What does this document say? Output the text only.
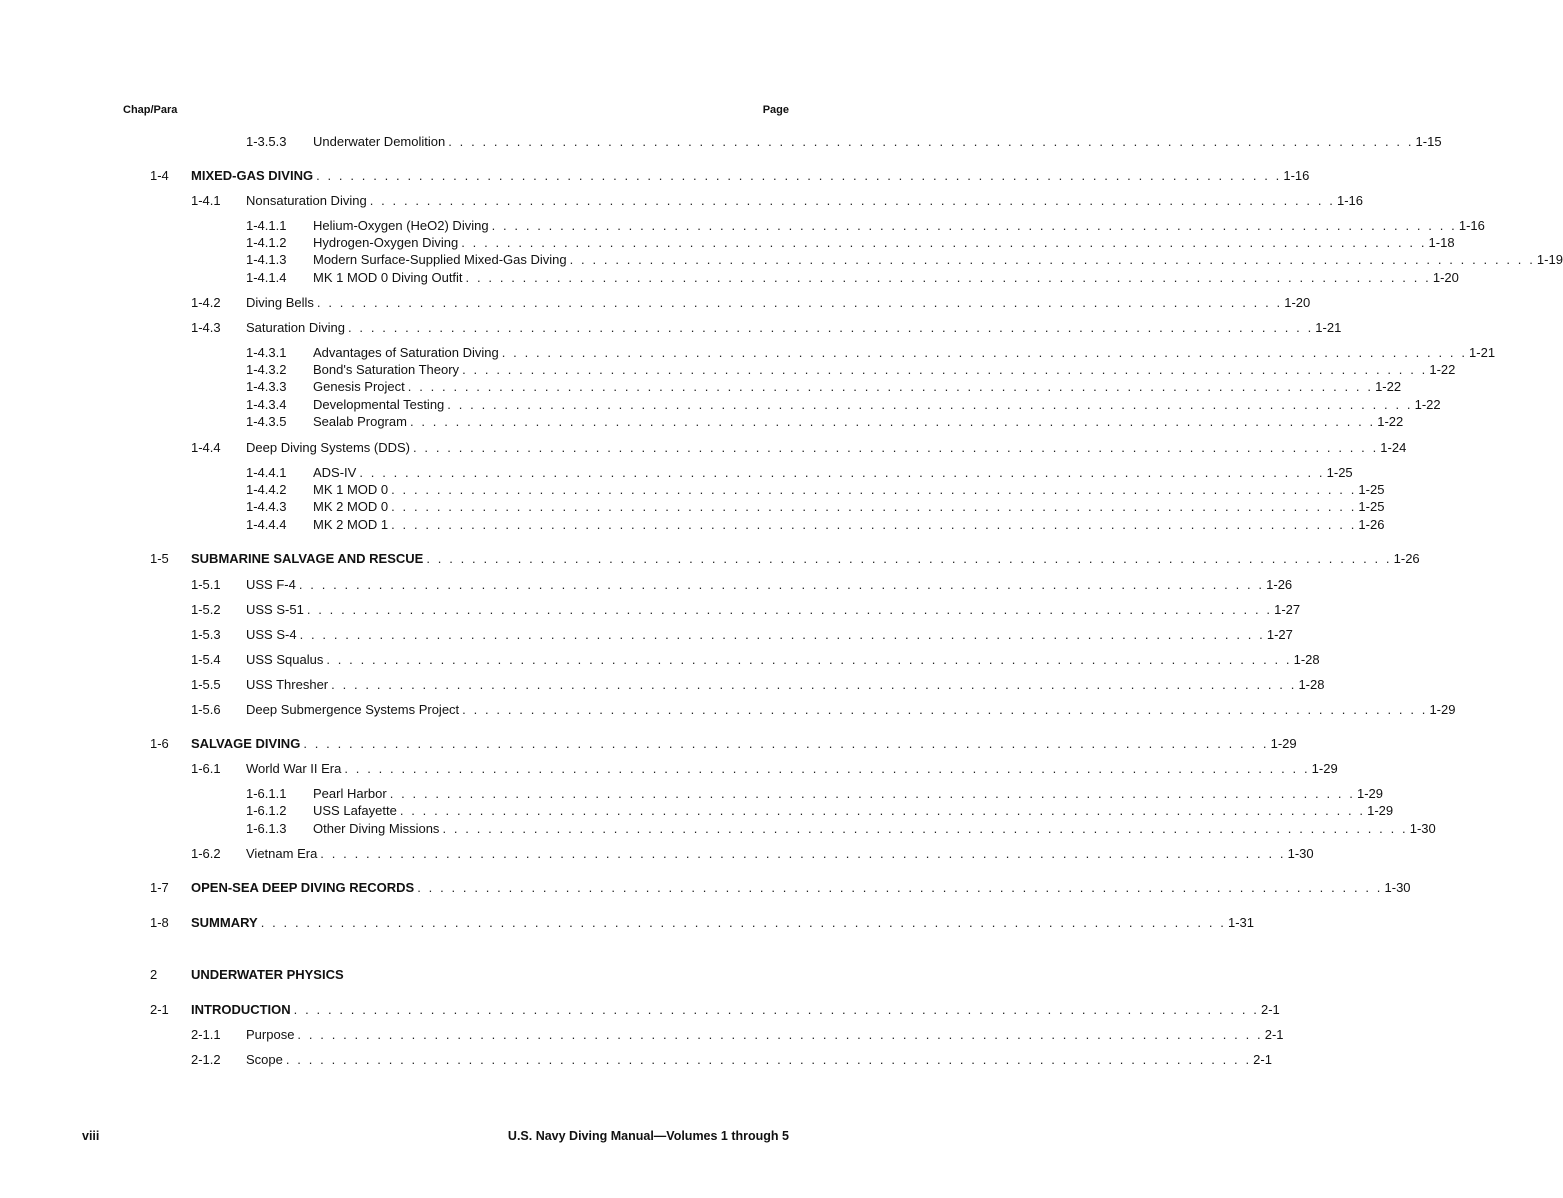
Chap/Para	Page
1-3.5.3 Underwater Demolition . . . . . . . . . . . . . . . . . . . . . . . . . . . . . . . . . . . . . . . . . . . . . . . . . . . . . . . . . . . . . . . . . . . . . . . . . . . . . . . . . . . . . 1-15
1-4 MIXED-GAS DIVING . . . . . . . . . . . . . . . . . . . . . . . . . . . . . . . . . . . . . . . . . . . . . . . . . . . . . . . . . . . . . . . . . . . . . . . . . . . . . . . . . . . . . 1-16
1-4.1 Nonsaturation Diving . . . . . . . . . . . . . . . . . . . . . . . . . . . . . . . . . . . . . . . . . . . . . . . . . . . . . . . . . . . . . . . . . . . . . . . . . . . . . . . . . . . . . 1-16
1-4.1.1 Helium-Oxygen (HeO2) Diving . . . . . . . . . . . . . . . . . . . . . . . . . . . . . . . . . . . . . . . . . . . . . . . . . . . . . . . . . . . . . . . . . . . . . . . . . . . . . . . . . . . . . 1-16
1-4.1.2 Hydrogen-Oxygen Diving . . . . . . . . . . . . . . . . . . . . . . . . . . . . . . . . . . . . . . . . . . . . . . . . . . . . . . . . . . . . . . . . . . . . . . . . . . . . . . . . . . . . . 1-18
1-4.1.3 Modern Surface-Supplied Mixed-Gas Diving . . . . . . . . . . . . . . . . . . . . . . . . . . . . . . . . . . . . . . . . . . . . . . . . . . . . . . . . . . . . . . . . . . . . . . . . . . . . . . . . . . . . . 1-19
1-4.1.4 MK 1 MOD 0 Diving Outfit . . . . . . . . . . . . . . . . . . . . . . . . . . . . . . . . . . . . . . . . . . . . . . . . . . . . . . . . . . . . . . . . . . . . . . . . . . . . . . . . . . . . . 1-20
1-4.2 Diving Bells . . . . . . . . . . . . . . . . . . . . . . . . . . . . . . . . . . . . . . . . . . . . . . . . . . . . . . . . . . . . . . . . . . . . . . . . . . . . . . . . . . . . . 1-20
1-4.3 Saturation Diving . . . . . . . . . . . . . . . . . . . . . . . . . . . . . . . . . . . . . . . . . . . . . . . . . . . . . . . . . . . . . . . . . . . . . . . . . . . . . . . . . . . . . 1-21
1-4.3.1 Advantages of Saturation Diving . . . . . . . . . . . . . . . . . . . . . . . . . . . . . . . . . . . . . . . . . . . . . . . . . . . . . . . . . . . . . . . . . . . . . . . . . . . . . . . . . . . . . 1-21
1-4.3.2 Bond's Saturation Theory . . . . . . . . . . . . . . . . . . . . . . . . . . . . . . . . . . . . . . . . . . . . . . . . . . . . . . . . . . . . . . . . . . . . . . . . . . . . . . . . . . . . . 1-22
1-4.3.3 Genesis Project . . . . . . . . . . . . . . . . . . . . . . . . . . . . . . . . . . . . . . . . . . . . . . . . . . . . . . . . . . . . . . . . . . . . . . . . . . . . . . . . . . . . . 1-22
1-4.3.4 Developmental Testing . . . . . . . . . . . . . . . . . . . . . . . . . . . . . . . . . . . . . . . . . . . . . . . . . . . . . . . . . . . . . . . . . . . . . . . . . . . . . . . . . . . . . 1-22
1-4.3.5 Sealab Program . . . . . . . . . . . . . . . . . . . . . . . . . . . . . . . . . . . . . . . . . . . . . . . . . . . . . . . . . . . . . . . . . . . . . . . . . . . . . . . . . . . . . 1-22
1-4.4 Deep Diving Systems (DDS) . . . . . . . . . . . . . . . . . . . . . . . . . . . . . . . . . . . . . . . . . . . . . . . . . . . . . . . . . . . . . . . . . . . . . . . . . . . . . . . . . . . . . 1-24
1-4.4.1 ADS-IV . . . . . . . . . . . . . . . . . . . . . . . . . . . . . . . . . . . . . . . . . . . . . . . . . . . . . . . . . . . . . . . . . . . . . . . . . . . . . . . . . . . . . 1-25
1-4.4.2 MK 1 MOD 0 . . . . . . . . . . . . . . . . . . . . . . . . . . . . . . . . . . . . . . . . . . . . . . . . . . . . . . . . . . . . . . . . . . . . . . . . . . . . . . . . . . . . . 1-25
1-4.4.3 MK 2 MOD 0 . . . . . . . . . . . . . . . . . . . . . . . . . . . . . . . . . . . . . . . . . . . . . . . . . . . . . . . . . . . . . . . . . . . . . . . . . . . . . . . . . . . . . 1-25
1-4.4.4 MK 2 MOD 1 . . . . . . . . . . . . . . . . . . . . . . . . . . . . . . . . . . . . . . . . . . . . . . . . . . . . . . . . . . . . . . . . . . . . . . . . . . . . . . . . . . . . . 1-26
1-5 SUBMARINE SALVAGE AND RESCUE . . . . . . . . . . . . . . . . . . . . . . . . . . . . . . . . . . . . . . . . . . . . . . . . . . . . . . . . . . . . . . . . . . . . . . . . . . . . . . . . . . . . . 1-26
1-5.1 USS F-4 . . . . . . . . . . . . . . . . . . . . . . . . . . . . . . . . . . . . . . . . . . . . . . . . . . . . . . . . . . . . . . . . . . . . . . . . . . . . . . . . . . . . . 1-26
1-5.2 USS S-51 . . . . . . . . . . . . . . . . . . . . . . . . . . . . . . . . . . . . . . . . . . . . . . . . . . . . . . . . . . . . . . . . . . . . . . . . . . . . . . . . . . . . . 1-27
1-5.3 USS S-4 . . . . . . . . . . . . . . . . . . . . . . . . . . . . . . . . . . . . . . . . . . . . . . . . . . . . . . . . . . . . . . . . . . . . . . . . . . . . . . . . . . . . . 1-27
1-5.4 USS Squalus . . . . . . . . . . . . . . . . . . . . . . . . . . . . . . . . . . . . . . . . . . . . . . . . . . . . . . . . . . . . . . . . . . . . . . . . . . . . . . . . . . . . . 1-28
1-5.5 USS Thresher . . . . . . . . . . . . . . . . . . . . . . . . . . . . . . . . . . . . . . . . . . . . . . . . . . . . . . . . . . . . . . . . . . . . . . . . . . . . . . . . . . . . . 1-28
1-5.6 Deep Submergence Systems Project . . . . . . . . . . . . . . . . . . . . . . . . . . . . . . . . . . . . . . . . . . . . . . . . . . . . . . . . . . . . . . . . . . . . . . . . . . . . . . . . . . . . . 1-29
1-6 SALVAGE DIVING . . . . . . . . . . . . . . . . . . . . . . . . . . . . . . . . . . . . . . . . . . . . . . . . . . . . . . . . . . . . . . . . . . . . . . . . . . . . . . . . . . . . . 1-29
1-6.1 World War II Era . . . . . . . . . . . . . . . . . . . . . . . . . . . . . . . . . . . . . . . . . . . . . . . . . . . . . . . . . . . . . . . . . . . . . . . . . . . . . . . . . . . . . 1-29
1-6.1.1 Pearl Harbor . . . . . . . . . . . . . . . . . . . . . . . . . . . . . . . . . . . . . . . . . . . . . . . . . . . . . . . . . . . . . . . . . . . . . . . . . . . . . . . . . . . . . 1-29
1-6.1.2 USS Lafayette . . . . . . . . . . . . . . . . . . . . . . . . . . . . . . . . . . . . . . . . . . . . . . . . . . . . . . . . . . . . . . . . . . . . . . . . . . . . . . . . . . . . . 1-29
1-6.1.3 Other Diving Missions . . . . . . . . . . . . . . . . . . . . . . . . . . . . . . . . . . . . . . . . . . . . . . . . . . . . . . . . . . . . . . . . . . . . . . . . . . . . . . . . . . . . . 1-30
1-6.2 Vietnam Era . . . . . . . . . . . . . . . . . . . . . . . . . . . . . . . . . . . . . . . . . . . . . . . . . . . . . . . . . . . . . . . . . . . . . . . . . . . . . . . . . . . . . 1-30
1-7 OPEN-SEA DEEP DIVING RECORDS . . . . . . . . . . . . . . . . . . . . . . . . . . . . . . . . . . . . . . . . . . . . . . . . . . . . . . . . . . . . . . . . . . . . . . . . . . . . . . . . . . . . . 1-30
1-8 SUMMARY . . . . . . . . . . . . . . . . . . . . . . . . . . . . . . . . . . . . . . . . . . . . . . . . . . . . . . . . . . . . . . . . . . . . . . . . . . . . . . . . . . . . . 1-31
2	UNDERWATER PHYSICS
2-1 INTRODUCTION . . . . . . . . . . . . . . . . . . . . . . . . . . . . . . . . . . . . . . . . . . . . . . . . . . . . . . . . . . . . . . . . . . . . . . . . . . . . . . . . . . . . . 2-1
2-1.1 Purpose . . . . . . . . . . . . . . . . . . . . . . . . . . . . . . . . . . . . . . . . . . . . . . . . . . . . . . . . . . . . . . . . . . . . . . . . . . . . . . . . . . . . . 2-1
2-1.2 Scope . . . . . . . . . . . . . . . . . . . . . . . . . . . . . . . . . . . . . . . . . . . . . . . . . . . . . . . . . . . . . . . . . . . . . . . . . . . . . . . . . . . . . 2-1
viii	U.S. Navy Diving Manual—Volumes 1 through 5
